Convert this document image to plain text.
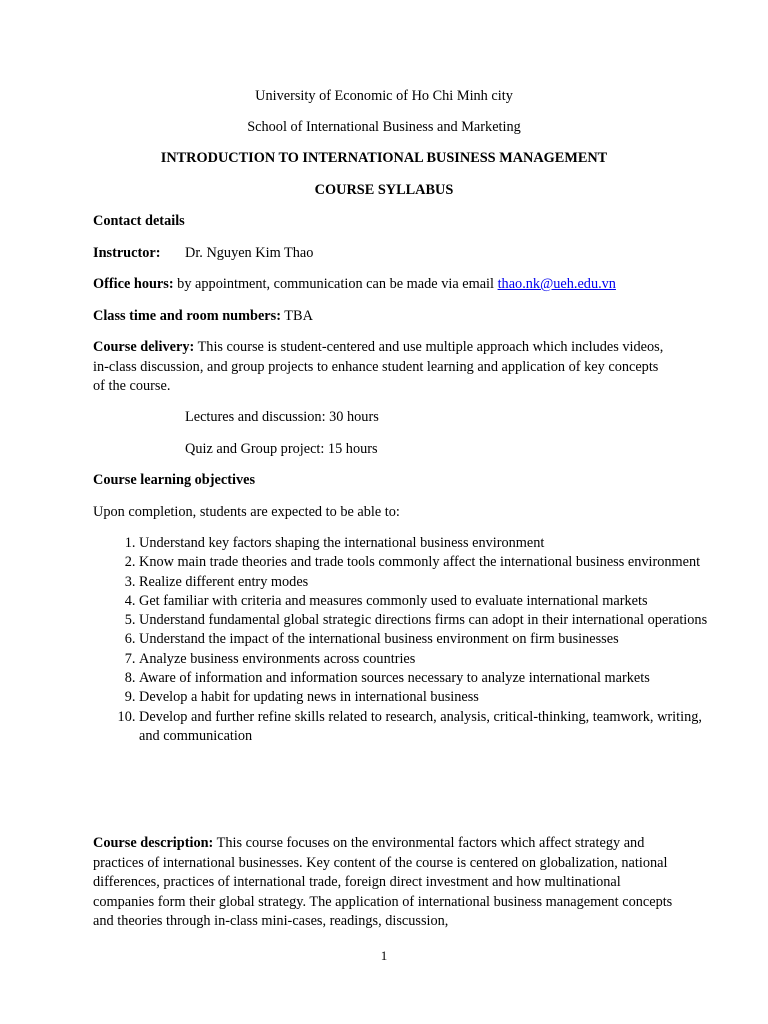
University of Economic of Ho Chi Minh city
School of International Business and Marketing
INTRODUCTION TO INTERNATIONAL BUSINESS MANAGEMENT
COURSE SYLLABUS
Contact details
Instructor: Dr. Nguyen Kim Thao
Office hours: by appointment, communication can be made via email thao.nk@ueh.edu.vn
Class time and room numbers: TBA
Course delivery: This course is student-centered and use multiple approach which includes videos, in-class discussion, and group projects to enhance student learning and application of key concepts of the course.
Lectures and discussion: 30 hours
Quiz and Group project: 15 hours
Course learning objectives
Upon completion, students are expected to be able to:
1. Understand key factors shaping the international business environment
2. Know main trade theories and trade tools commonly affect the international business environment
3. Realize different entry modes
4. Get familiar with criteria and measures commonly used to evaluate international markets
5. Understand fundamental global strategic directions firms can adopt in their international operations
6. Understand the impact of the international business environment on firm businesses
7. Analyze business environments across countries
8. Aware of information and information sources necessary to analyze international markets
9. Develop a habit for updating news in international business
10. Develop and further refine skills related to research, analysis, critical-thinking, teamwork, writing, and communication
Course description: This course focuses on the environmental factors which affect strategy and practices of international businesses. Key content of the course is centered on globalization, national differences, practices of international trade, foreign direct investment and how multinational companies form their global strategy. The application of international business management concepts and theories through in-class mini-cases, readings, discussion,
1
